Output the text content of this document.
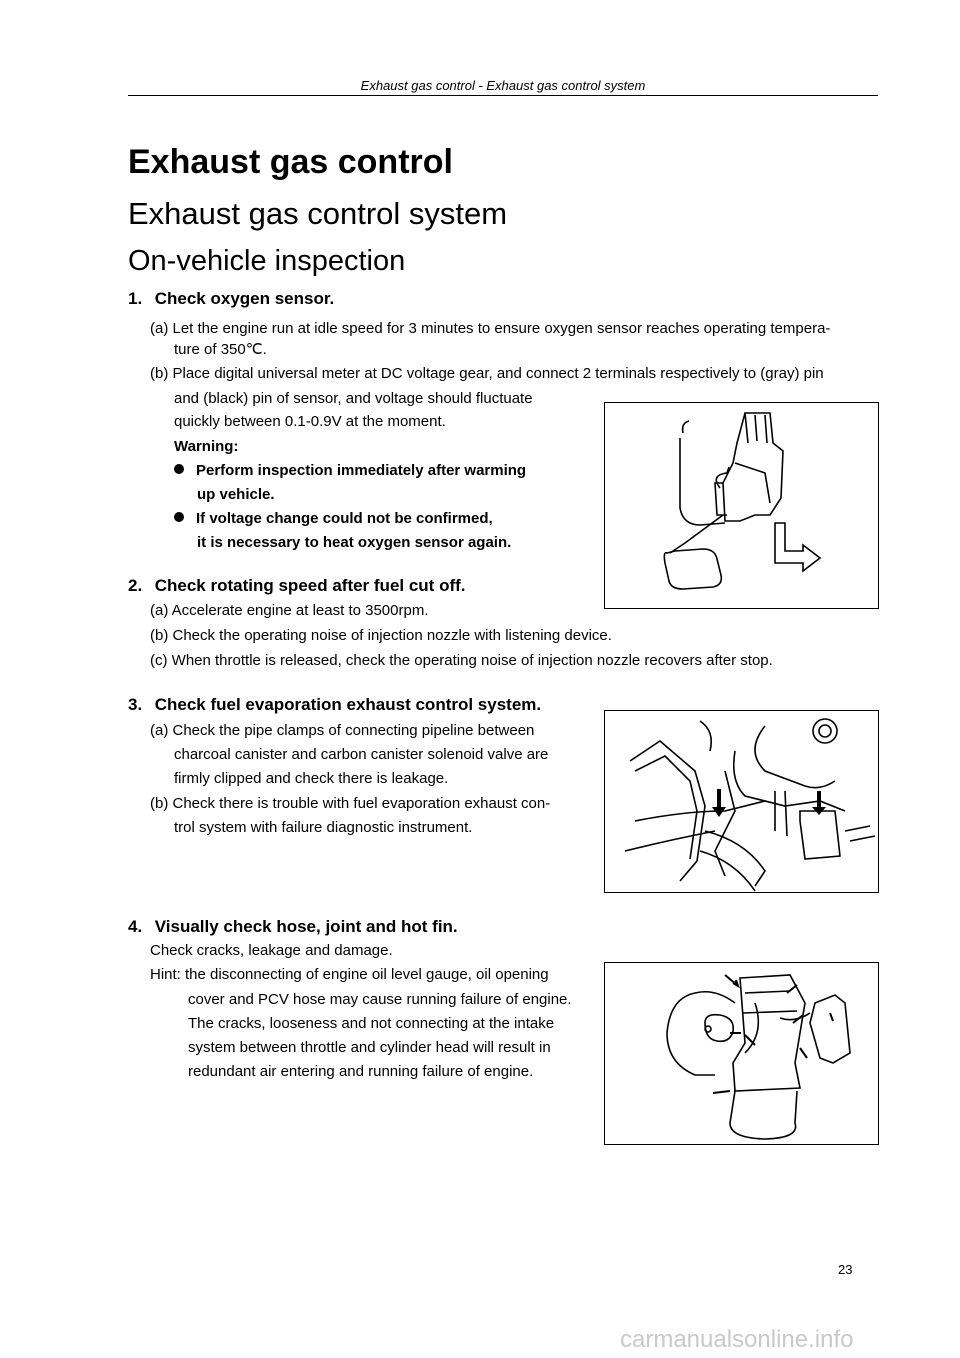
Exhaust gas control - Exhaust gas control system
Exhaust gas control
Exhaust gas control system
On-vehicle inspection
1. Check oxygen sensor.
(a) Let the engine run at idle speed for 3 minutes to ensure oxygen sensor reaches operating tempera-
ture of 350℃.
(b) Place digital universal meter at DC voltage gear, and connect 2 terminals respectively to (gray) pin
and (black) pin of sensor, and voltage should fluctuate
quickly between 0.1-0.9V at the moment.
Warning:
Perform inspection immediately after warming
up vehicle.
If voltage change could not be confirmed,
it is necessary to heat oxygen sensor again.
2. Check rotating speed after fuel cut off.
(a) Accelerate engine at least to 3500rpm.
(b) Check the operating noise of injection nozzle with listening device.
(c) When throttle is released, check the operating noise of injection nozzle recovers after stop.
3. Check fuel evaporation exhaust control system.
(a) Check the pipe clamps of connecting pipeline between
charcoal canister and carbon canister solenoid valve are
firmly clipped and check there is leakage.
(b) Check there is trouble with fuel evaporation exhaust con-
trol system with failure diagnostic instrument.
4. Visually check hose, joint and hot fin.
Check cracks, leakage and damage.
Hint: the disconnecting of engine oil level gauge, oil opening
cover and PCV hose may cause running failure of engine.
The cracks, looseness and not connecting at the intake
system between throttle and cylinder head will result in
redundant air entering and running failure of engine.
23
carmanualsonline.info
